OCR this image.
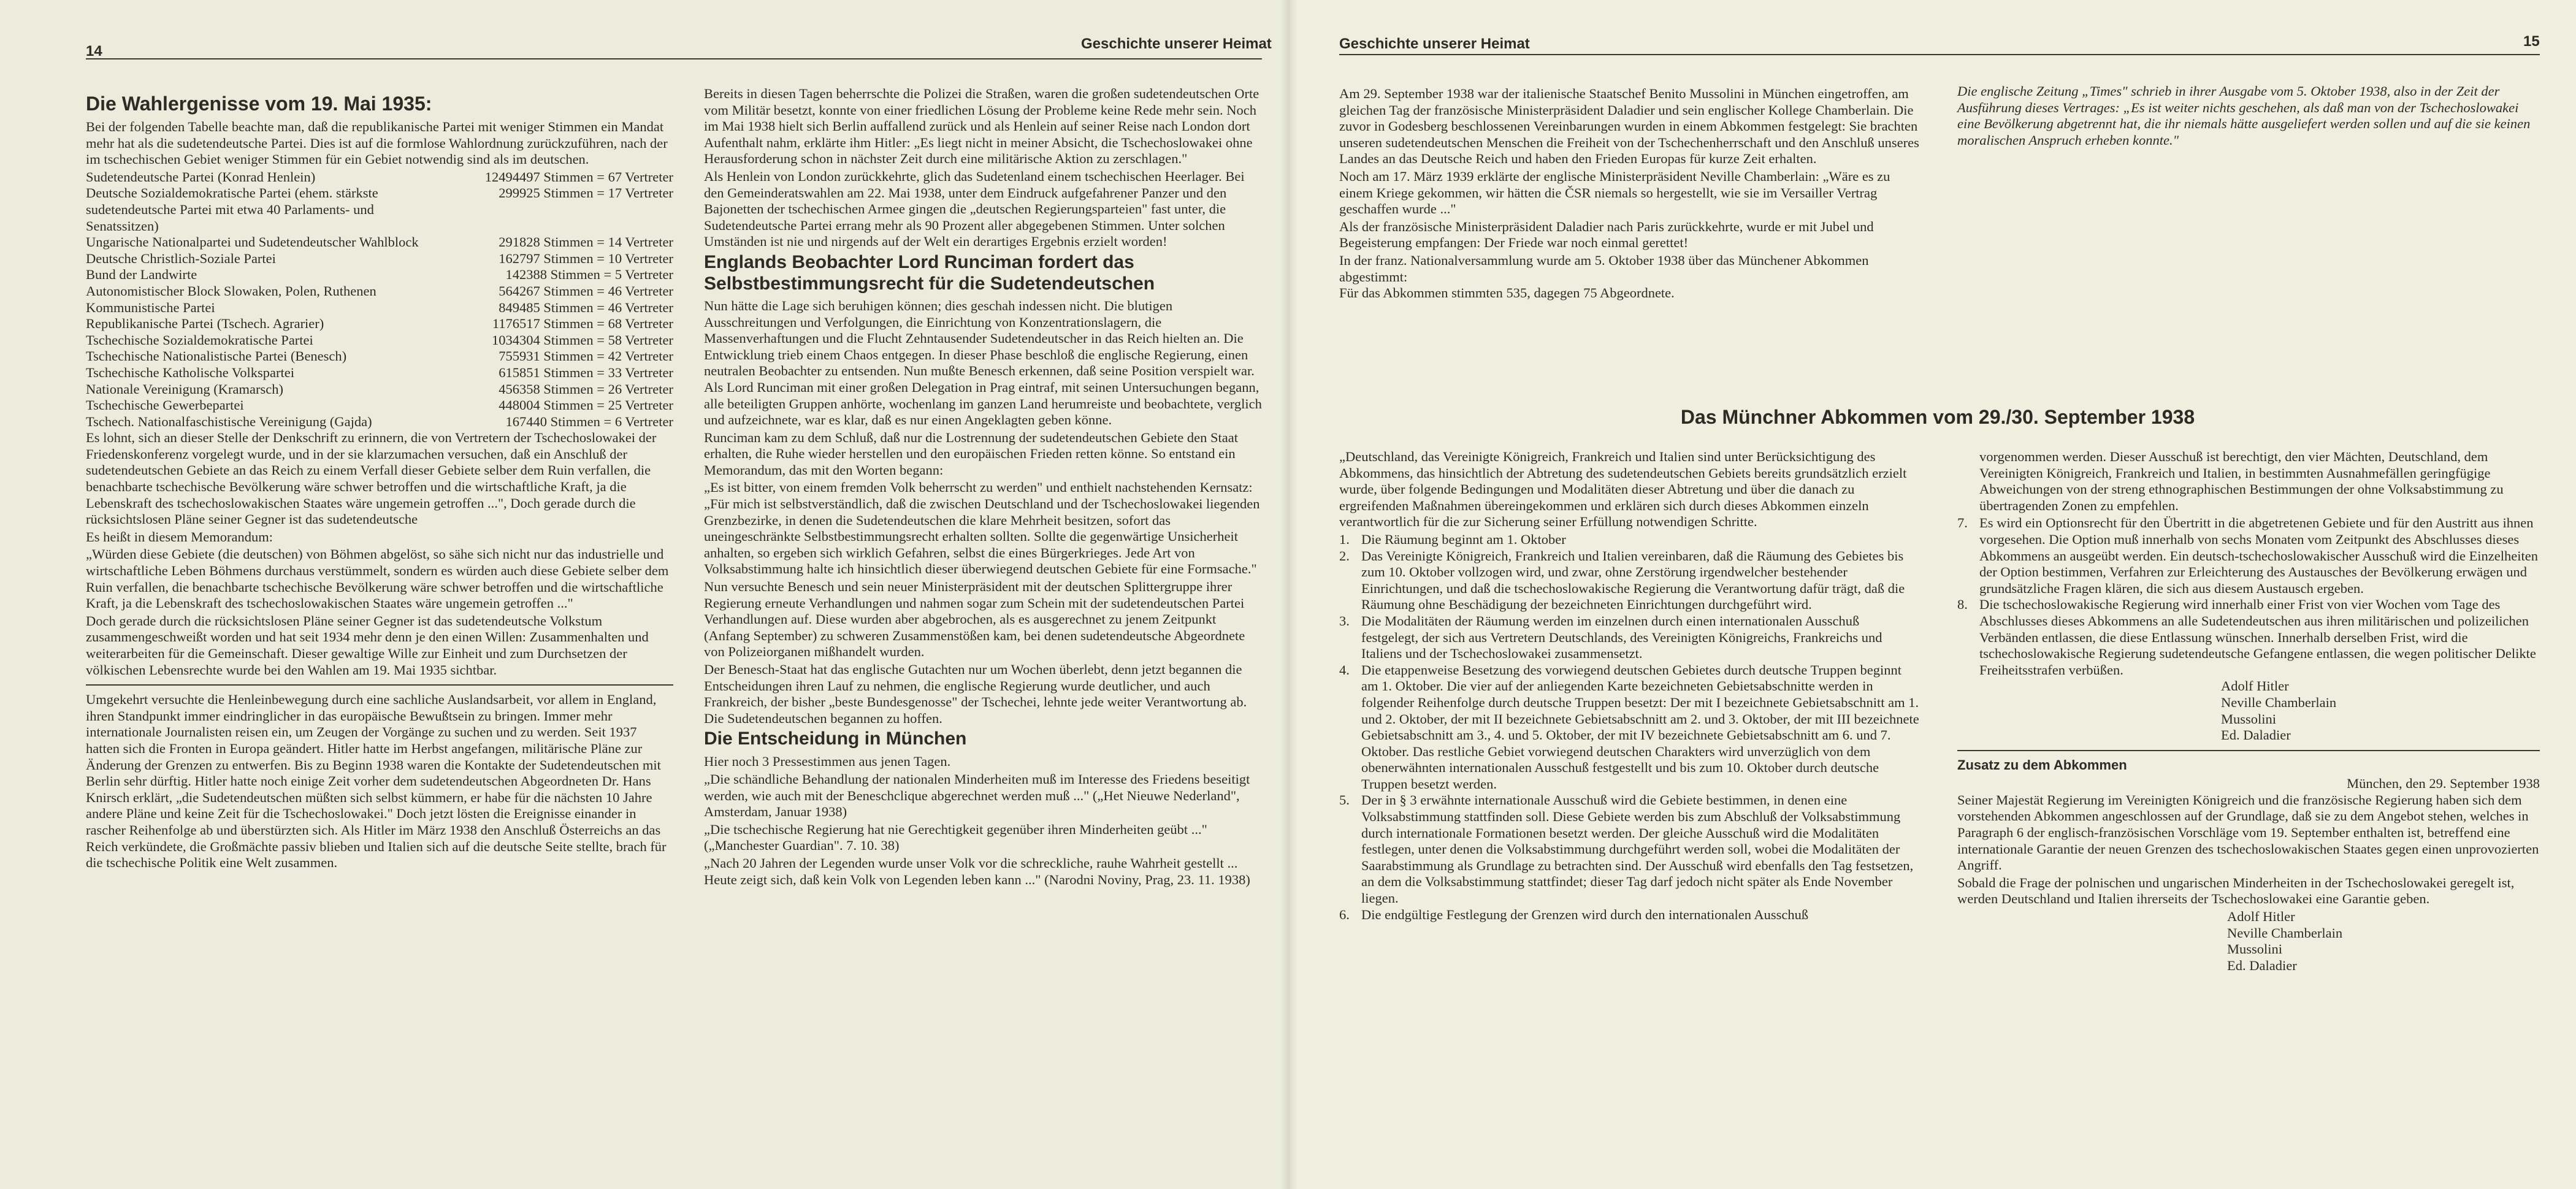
14	Geschichte unserer Heimat
Die Wahlergenisse vom 19. Mai 1935:

Bei der folgenden Tabelle beachte man, daß die republikanische Partei mit weniger Stimmen ein Mandat mehr hat als die sudetendeutsche Partei. Dies ist auf die formlose Wahlordnung zurückzuführen, nach der im tschechischen Gebiet weniger Stimmen für ein Gebiet notwendig sind als im deutschen.

Sudetendeutsche Partei (Konrad Henlein)	12494497 Stimmen = 67 Vertreter
Deutsche Sozialdemokratische Partei (ehem. stärkste sudetendeutsche Partei mit etwa 40 Parlaments- und Senatssitzen)
299925 Stimmen = 17 Vertreter
Ungarische Nationalpartei und Sudetendeutscher Wahlblock	291828 Stimmen = 14 Vertreter
Deutsche Christlich-Soziale Partei	162797 Stimmen = 10 Vertreter
Bund der Landwirte	142388 Stimmen = 5 Vertreter
Autonomistischer Block Slowaken, Polen, Ruthenen	564267 Stimmen = 46 Vertreter
Kommunistische Partei	849485 Stimmen = 46 Vertreter
Republikanische Partei (Tschech. Agrarier)	1176517 Stimmen = 68 Vertreter
Tschechische Sozialdemokratische Partei	1034304 Stimmen = 58 Vertreter
Tschechische Nationalistische Partei (Benesch)	755931 Stimmen = 42 Vertreter
Tschechische Katholische Volkspartei	615851 Stimmen = 33 Vertreter
Nationale Vereinigung (Kramarsch)	456358 Stimmen = 26 Vertreter
Tschechische Gewerbepartei	448004 Stimmen = 25 Vertreter
Tschech. Nationalfaschistische Vereinigung (Gajda)	167440 Stimmen = 6 Vertreter

Es lohnt, sich an dieser Stelle der Denkschrift zu erinnern, die von Vertretern der Tschechoslowakei der Friedenskonferenz vorgelegt wurde, und in der sie klarzumachen versuchen, daß ein Anschluß der sudetendeutschen Gebiete an das Reich zu einem Verfall dieser Gebiete selber dem Ruin verfallen, die benachbarte tschechische Bevölkerung wäre schwer betroffen und die wirtschaftliche Kraft, ja die Lebenskraft des tschechoslowakischen Staates wäre ungemein getroffen ...", Doch gerade durch die rücksichtslosen Pläne seiner Gegner ist das sudetendeutsche

Es heißt in diesem Memorandum:

„Würden diese Gebiete (die deutschen) von Böhmen abgelöst, so sähe sich nicht nur das industrielle und wirtschaftliche Leben Böhmens durchaus verstümmelt, sondern es würden auch diese Gebiete selber dem Ruin verfallen, die benachbarte tschechische Bevölkerung wäre schwer betroffen und die wirtschaftliche Kraft, ja die Lebenskraft des tschechoslowakischen Staates wäre ungemein getroffen ..."

Doch gerade durch die rücksichtslosen Pläne seiner Gegner ist das sudetendeutsche Volkstum zusammengeschweißt worden und hat seit 1934 mehr denn je den einen Willen: Zusammenhalten und weiterarbeiten für die Gemeinschaft. Dieser gewaltige Wille zur Einheit und zum Durchsetzen der völkischen Lebensrechte wurde bei den Wahlen am 19. Mai 1935 sichtbar.

Umgekehrt versuchte die Henleinbewegung durch eine sachliche Auslandsarbeit, vor allem in England, ihren Standpunkt immer eindringlicher in das europäische Bewußtsein zu bringen. Immer mehr internationale Journalisten reisen ein, um Zeugen der Vorgänge zu suchen und zu werden. Seit 1937 hatten sich die Fronten in Europa geändert. Hitler hatte im Herbst angefangen, militärische Pläne zur Änderung der Grenzen zu entwerfen. Bis zu Beginn 1938 waren die Kontakte der Sudetendeutschen mit Berlin sehr dürftig. Hitler hatte noch einige Zeit vorher dem sudetendeutschen Abgeordneten Dr. Hans Knirsch erklärt, „die Sudetendeutschen müßten sich selbst kümmern, er habe für die nächsten 10 Jahre andere Pläne und keine Zeit für die Tschechoslowakei." Doch jetzt lösten die Ereignisse einander in rascher Reihenfolge ab und überstürzten sich. Als Hitler im März 1938 den Anschluß Österreichs an das Reich verkündete, die Großmächte passiv blieben und Italien sich auf die deutsche Seite stellte, brach für die tschechische Politik eine Welt zusammen.

Bereits in diesen Tagen beherrschte die Polizei die Straßen, waren die großen sudetendeutschen Orte vom Militär besetzt, konnte von einer friedlichen Lösung der Probleme keine Rede mehr sein. Noch im Mai 1938 hielt sich Berlin auffallend zurück und als Henlein auf seiner Reise nach London dort Aufenthalt nahm, erklärte ihm Hitler: „Es liegt nicht in meiner Absicht, die Tschechoslowakei ohne Herausforderung schon in nächster Zeit durch eine militärische Aktion zu zerschlagen."

Als Henlein von London zurückkehrte, glich das Sudetenland einem tschechischen Heerlager. Bei den Gemeinderatswahlen am 22. Mai 1938, unter dem Eindruck aufgefahrener Panzer und den Bajonetten der tschechischen Armee gingen die „deutschen Regierungsparteien" fast unter, die Sudetendeutsche Partei errang mehr als 90 Prozent aller abgegebenen Stimmen. Unter solchen Umständen ist nie und nirgends auf der Welt ein derartiges Ergebnis erzielt worden!

Englands Beobachter Lord Runciman fordert das Selbstbestimmungsrecht für die Sudetendeutschen

Nun hätte die Lage sich beruhigen können; dies geschah indessen nicht. Die blutigen Ausschreitungen und Verfolgungen, die Einrichtung von Konzentrationslagern, die Massenverhaftungen und die Flucht Zehntausender Sudetendeutscher in das Reich hielten an. Die Entwicklung trieb einem Chaos entgegen. In dieser Phase beschloß die englische Regierung, einen neutralen Beobachter zu entsenden. Nun mußte Benesch erkennen, daß seine Position verspielt war. Als Lord Runciman mit einer großen Delegation in Prag eintraf, mit seinen Untersuchungen begann, alle beteiligten Gruppen anhörte, wochenlang im ganzen Land herumreiste und beobachtete, verglich und aufzeichnete, war es klar, daß es nur einen Angeklagten geben könne.

Runciman kam zu dem Schluß, daß nur die Lostrennung der sudetendeutschen Gebiete den Staat erhalten, die Ruhe wieder herstellen und den europäischen Frieden retten könne. So entstand ein Memorandum, das mit den Worten begann:

„Es ist bitter, von einem fremden Volk beherrscht zu werden" und enthielt nachstehenden Kernsatz: „Für mich ist selbstverständlich, daß die zwischen Deutschland und der Tschechoslowakei liegenden Grenzbezirke, in denen die Sudetendeutschen die klare Mehrheit besitzen, sofort das uneingeschränkte Selbstbestimmungsrecht erhalten sollten. Sollte die gegenwärtige Unsicherheit anhalten, so ergeben sich wirklich Gefahren, selbst die eines Bürgerkrieges. Jede Art von Volksabstimmung halte ich hinsichtlich dieser überwiegend deutschen Gebiete für eine Formsache."

Nun versuchte Benesch und sein neuer Ministerpräsident mit der deutschen Splittergruppe ihrer Regierung erneute Verhandlungen und nahmen sogar zum Schein mit der sudetendeutschen Partei Verhandlungen auf. Diese wurden aber abgebrochen, als es ausgerechnet zu jenem Zeitpunkt (Anfang September) zu schweren Zusammenstößen kam, bei denen sudetendeutsche Abgeordnete von Polizeiorganen mißhandelt wurden.

Der Benesch-Staat hat das englische Gutachten nur um Wochen überlebt, denn jetzt begannen die Entscheidungen ihren Lauf zu nehmen, die englische Regierung wurde deutlicher, und auch Frankreich, der bisher „beste Bundesgenosse" der Tschechei, lehnte jede weiter Verantwortung ab. Die Sudetendeutschen begannen zu hoffen.

Die Entscheidung in München

Hier noch 3 Pressestimmen aus jenen Tagen.

„Die schändliche Behandlung der nationalen Minderheiten muß im Interesse des Friedens beseitigt werden, wie auch mit der Beneschclique abgerechnet werden muß ..." („Het Nieuwe Nederland", Amsterdam, Januar 1938)

„Die tschechische Regierung hat nie Gerechtigkeit gegenüber ihren Minderheiten geübt ..." („Manchester Guardian". 7. 10. 38)

„Nach 20 Jahren der Legenden wurde unser Volk vor die schreckliche, rauhe Wahrheit gestellt ... Heute zeigt sich, daß kein Volk von Legenden leben kann ..." (Narodni Noviny, Prag, 23. 11. 1938)

Geschichte unserer Heimat	15

Am 29. September 1938 war der italienische Staatschef Benito Mussolini in München eingetroffen, am gleichen Tag der französische Ministerpräsident Daladier und sein englischer Kollege Chamberlain. Die zuvor in Godesberg beschlossenen Vereinbarungen wurden in einem Abkommen festgelegt: Sie brachten unseren sudetendeutschen Menschen die Freiheit von der Tschechenherrschaft und den Anschluß unseres Landes an das Deutsche Reich und haben den Frieden Europas für kurze Zeit erhalten.

Noch am 17. März 1939 erklärte der englische Ministerpräsident Neville Chamberlain: „Wäre es zu einem Kriege gekommen, wir hätten die ČSR niemals so hergestellt, wie sie im Versailler Vertrag geschaffen wurde ..."

Als der französische Ministerpräsident Daladier nach Paris zurückkehrte, wurde er mit Jubel und Begeisterung empfangen: Der Friede war noch einmal gerettet!

In der franz. Nationalversammlung wurde am 5. Oktober 1938 über das Münchener Abkommen abgestimmt:

Für das Abkommen stimmten 535, dagegen 75 Abgeordnete.

Die englische Zeitung „Times" schrieb in ihrer Ausgabe vom 5. Oktober 1938, also in der Zeit der Ausführung dieses Vertrages: „Es ist weiter nichts geschehen, als daß man von der Tschechoslowakei eine Bevölkerung abgetrennt hat, die ihr niemals hätte ausgeliefert werden sollen und auf die sie keinen moralischen Anspruch erheben konnte."

Das Münchner Abkommen vom 29./30. September 1938

„Deutschland, das Vereinigte Königreich, Frankreich und Italien sind unter Berücksichtigung des Abkommens, das hinsichtlich der Abtretung des sudetendeutschen Gebiets bereits grundsätzlich erzielt wurde, über folgende Bedingungen und Modalitäten dieser Abtretung und über die danach zu ergreifenden Maßnahmen übereingekommen und erklären sich durch dieses Abkommen einzeln verantwortlich für die zur Sicherung seiner Erfüllung notwendigen Schritte.

1. Die Räumung beginnt am 1. Oktober
2. Das Vereinigte Königreich, Frankreich und Italien vereinbaren, daß die Räumung des Gebietes bis zum 10. Oktober vollzogen wird, und zwar, ohne Zerstörung irgendwelcher bestehender Einrichtungen, und daß die tschechoslowakische Regierung die Verantwortung dafür trägt, daß die Räumung ohne Beschädigung der bezeichneten Einrichtungen durchgeführt wird.
3. Die Modalitäten der Räumung werden im einzelnen durch einen internationalen Ausschuß festgelegt, der sich aus Vertretern Deutschlands, des Vereinigten Königreichs, Frankreichs und Italiens und der Tschechoslowakei zusammensetzt.
4. Die etappenweise Besetzung des vorwiegend deutschen Gebietes durch deutsche Truppen beginnt am 1. Oktober. Die vier auf der anliegenden Karte bezeichneten Gebietsabschnitte werden in folgender Reihenfolge durch deutsche Truppen besetzt: Der mit I bezeichnete Gebietsabschnitt am 1. und 2. Oktober, der mit II bezeichnete Gebietsabschnitt am 2. und 3. Oktober, der mit III bezeichnete Gebietsabschnitt am 3., 4. und 5. Oktober, der mit IV bezeichnete Gebietsabschnitt am 6. und 7. Oktober. Das restliche Gebiet vorwiegend deutschen Charakters wird unverzüglich von dem obenerwähnten internationalen Ausschuß festgestellt und bis zum 10. Oktober durch deutsche Truppen besetzt werden.
5. Der in § 3 erwähnte internationale Ausschuß wird die Gebiete bestimmen, in denen eine Volksabstimmung stattfinden soll. Diese Gebiete werden bis zum Abschluß der Volksabstimmung durch internationale Formationen besetzt werden. Der gleiche Ausschuß wird die Modalitäten festlegen, unter denen die Volksabstimmung durchgeführt werden soll, wobei die Modalitäten der Saarabstimmung als Grundlage zu betrachten sind. Der Ausschuß wird ebenfalls den Tag festsetzen, an dem die Volksabstimmung stattfindet; dieser Tag darf jedoch nicht später als Ende November liegen.
6. Die endgültige Festlegung der Grenzen wird durch den internationalen Ausschuß

vorgenommen werden. Dieser Ausschuß ist berechtigt, den vier Mächten, Deutschland, dem Vereinigten Königreich, Frankreich und Italien, in bestimmten Ausnahmefällen geringfügige Abweichungen von der streng ethnographischen Bestimmungen der ohne Volksabstimmung zu übertragenden Zonen zu empfehlen.

7. Es wird ein Optionsrecht für den Übertritt in die abgetretenen Gebiete und für den Austritt aus ihnen vorgesehen. Die Option muß innerhalb von sechs Monaten vom Zeitpunkt des Abschlusses dieses Abkommens an ausgeübt werden. Ein deutsch-tschechoslowakischer Ausschuß wird die Einzelheiten der Option bestimmen, Verfahren zur Erleichterung des Austausches der Bevölkerung erwägen und grundsätzliche Fragen klären, die sich aus diesem Austausch ergeben.
8. Die tschechoslowakische Regierung wird innerhalb einer Frist von vier Wochen vom Tage des Abschlusses dieses Abkommens an alle Sudetendeutschen aus ihren militärischen und polizeilichen Verbänden entlassen, die diese Entlassung wünschen. Innerhalb derselben Frist, wird die tschechoslowakische Regierung sudetendeutsche Gefangene entlassen, die wegen politischer Delikte Freiheitsstrafen verbüßen.
Adolf Hitler
Neville Chamberlain
Mussolini
Ed. Daladier
Zusatz zu dem Abkommen
München, den 29. September 1938

Seiner Majestät Regierung im Vereinigten Königreich und die französische Regierung haben sich dem vorstehenden Abkommen angeschlossen auf der Grundlage, daß sie zu dem Angebot stehen, welches in Paragraph 6 der englisch-französischen Vorschläge vom 19. September enthalten ist, betreffend eine internationale Garantie der neuen Grenzen des tschechoslowakischen Staates gegen einen unprovozierten Angriff.

Sobald die Frage der polnischen und ungarischen Minderheiten in der Tschechoslowakei geregelt ist, werden Deutschland und Italien ihrerseits der Tschechoslowakei eine Garantie geben.

Adolf Hitler
Neville Chamberlain
Mussolini
Ed. Daladier
